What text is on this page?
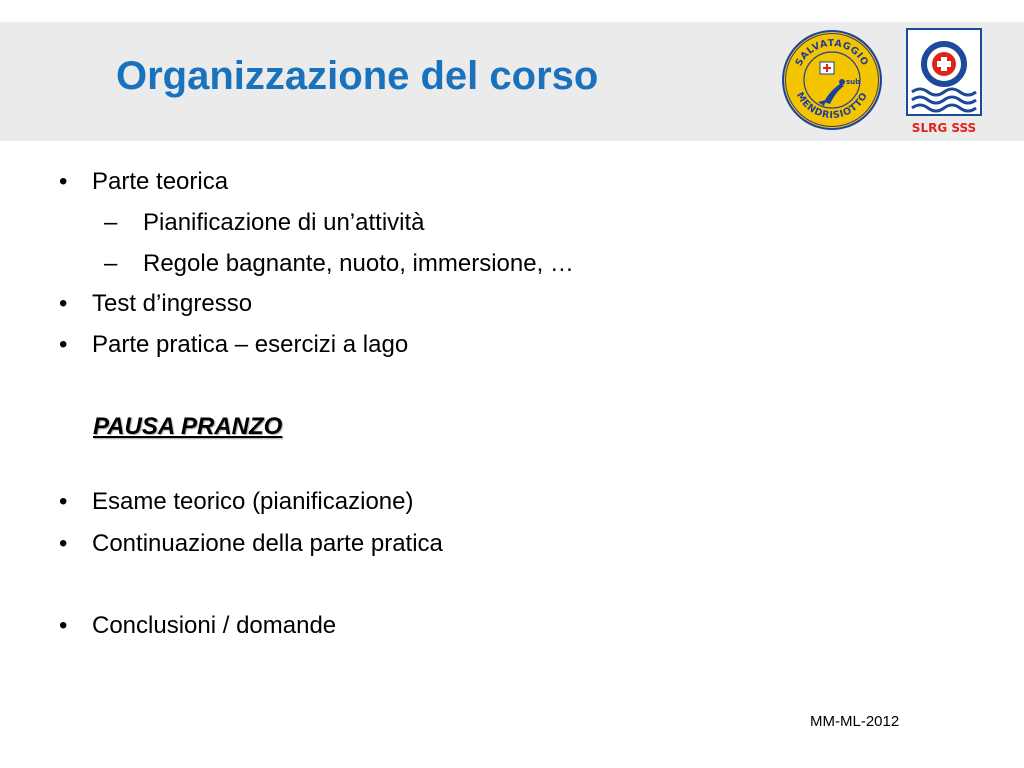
Organizzazione del corso	SALVATAGGIO
MENDRISIOTTO
sub
SLRG SSS
• Parte teorica
– Pianificazione di un’attività
– Regole bagnante, nuoto, immersione, …
• Test d’ingresso
• Parte pratica – esercizi a lago
• Esame teorico (pianificazione)
• Continuazione della parte pratica
• Conclusioni / domande
PAUSA PRANZO
MM-ML-2012
